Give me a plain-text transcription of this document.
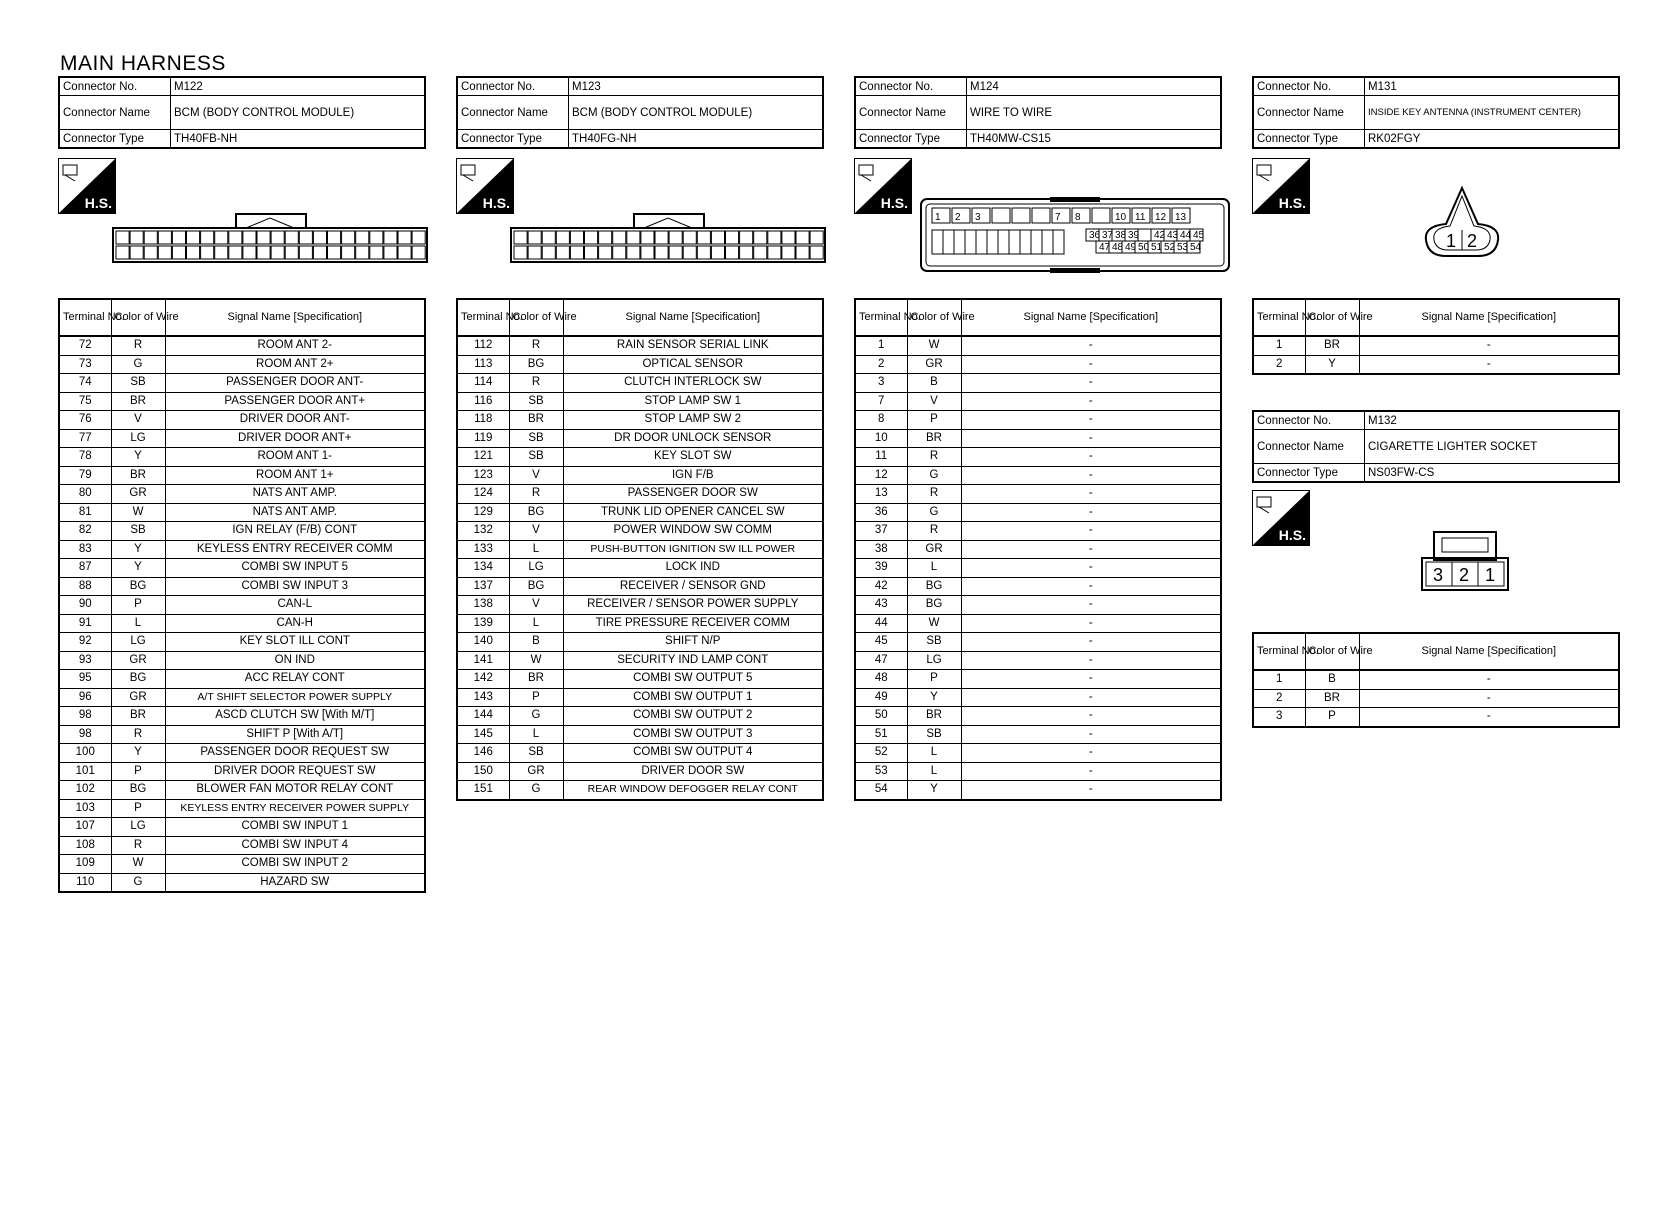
MAIN HARNESS
Connector No.	M122
Connector Name	BCM (BODY CONTROL MODULE)
Connector Type	TH40FB-NH
H.S.
Terminal No.	Color of Wire	Signal Name [Specification]
72	R	ROOM ANT 2-
73	G	ROOM ANT 2+
74	SB	PASSENGER DOOR ANT-
75	BR	PASSENGER DOOR ANT+
76	V	DRIVER DOOR ANT-
77	LG	DRIVER DOOR ANT+
78	Y	ROOM ANT 1-
79	BR	ROOM ANT 1+
80	GR	NATS ANT AMP.
81	W	NATS ANT AMP.
82	SB	IGN RELAY (F/B) CONT
83	Y	KEYLESS ENTRY RECEIVER COMM
87	Y	COMBI SW INPUT 5
88	BG	COMBI SW INPUT 3
90	P	CAN-L
91	L	CAN-H
92	LG	KEY SLOT ILL CONT
93	GR	ON IND
95	BG	ACC RELAY CONT
96	GR	A/T SHIFT SELECTOR POWER SUPPLY
98	BR	ASCD CLUTCH SW [With M/T]
98	R	SHIFT P [With A/T]
100	Y	PASSENGER DOOR REQUEST SW
101	P	DRIVER DOOR REQUEST SW
102	BG	BLOWER FAN MOTOR RELAY CONT
103	P	KEYLESS ENTRY RECEIVER POWER SUPPLY
107	LG	COMBI SW INPUT 1
108	R	COMBI SW INPUT 4
109	W	COMBI SW INPUT 2
110	G	HAZARD SW
Connector No.	M123
Connector Name	BCM (BODY CONTROL MODULE)
Connector Type	TH40FG-NH
H.S.
Terminal No.	Color of Wire	Signal Name [Specification]
112	R	RAIN SENSOR SERIAL LINK
113	BG	OPTICAL SENSOR
114	R	CLUTCH INTERLOCK SW
116	SB	STOP LAMP SW 1
118	BR	STOP LAMP SW 2
119	SB	DR DOOR UNLOCK SENSOR
121	SB	KEY SLOT SW
123	V	IGN F/B
124	R	PASSENGER DOOR SW
129	BG	TRUNK LID OPENER CANCEL SW
132	V	POWER WINDOW SW COMM
133	L	PUSH-BUTTON IGNITION SW ILL POWER
134	LG	LOCK IND
137	BG	RECEIVER / SENSOR GND
138	V	RECEIVER / SENSOR POWER SUPPLY
139	L	TIRE PRESSURE RECEIVER COMM
140	B	SHIFT N/P
141	W	SECURITY IND LAMP CONT
142	BR	COMBI SW OUTPUT 5
143	P	COMBI SW OUTPUT 1
144	G	COMBI SW OUTPUT 2
145	L	COMBI SW OUTPUT 3
146	SB	COMBI SW OUTPUT 4
150	GR	DRIVER DOOR SW
151	G	REAR WINDOW DEFOGGER RELAY CONT
Connector No.	M124
Connector Name	WIRE TO WIRE
Connector Type	TH40MW-CS15
H.S.
1 2 3	7 8	10 11 12 13
36 37 38 39 42 43 44 45
47 48 49 50 51 52 53 54
Terminal No.	Color of Wire	Signal Name [Specification]
1	W	-
2	GR	-
3	B	-
7	V	-
8	P	-
10	BR	-
11	R	-
12	G	-
13	R	-
36	G	-
37	R	-
38	GR	-
39	L	-
42	BG	-
43	BG	-
44	W	-
45	SB	-
47	LG	-
48	P	-
49	Y	-
50	BR	-
51	SB	-
52	L	-
53	L	-
54	Y	-
Connector No.	M131
Connector Name	INSIDE KEY ANTENNA (INSTRUMENT CENTER)
Connector Type	RK02FGY
H.S.
1 2
Terminal No.	Color of Wire	Signal Name [Specification]
1	BR	-
2	Y	-
Connector No.	M132
Connector Name	CIGARETTE LIGHTER SOCKET
Connector Type	NS03FW-CS
H.S.
3 2 1
Terminal No.	Color of Wire	Signal Name [Specification]
1	B	-
2	BR	-
3	P	-
